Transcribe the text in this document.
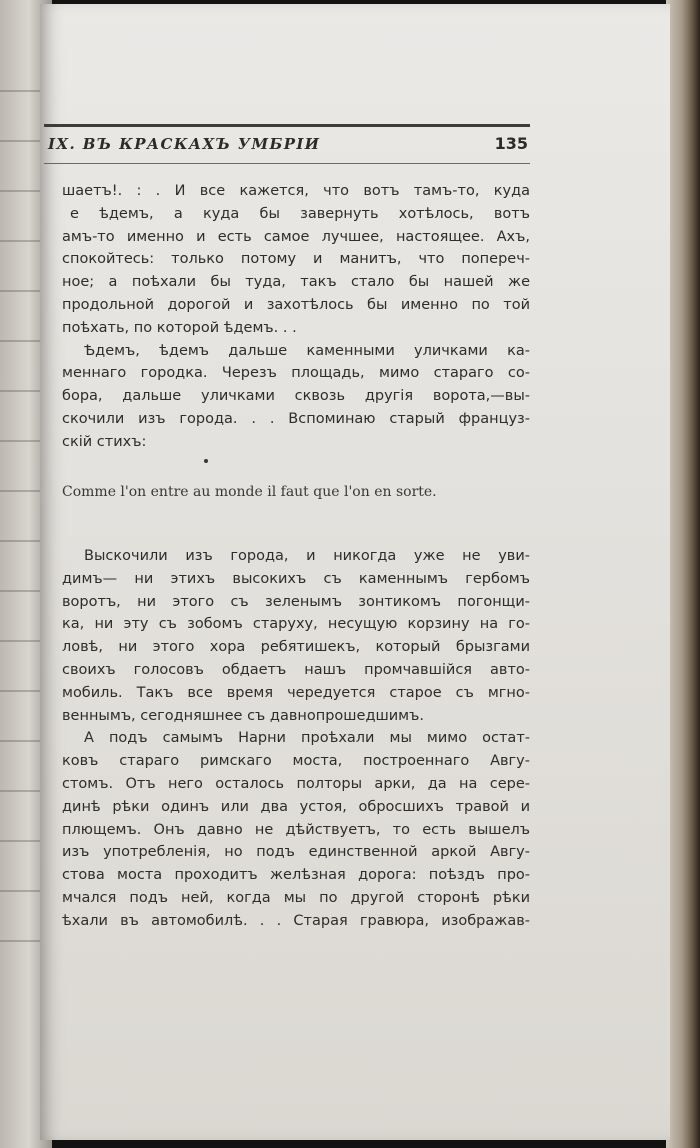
IX. ВЪ КРАСКАХЪ УМБРІИ	135
шаетъ!. : . И все кажется, что вотъ тамъ-то, куда
е ѣдемъ, а куда бы завернуть хотѣлось, вотъ
амъ-то именно и есть самое лучшее, настоящее. Ахъ,
спокойтесь: только потому и манитъ, что попереч-
ное; а поѣхали бы туда, такъ стало бы нашей же
продольной дорогой и захотѣлось бы именно по той
поѣхать, по которой ѣдемъ. . .
Ѣдемъ, ѣдемъ дальше каменными уличками ка-
меннаго городка. Черезъ площадь, мимо стараго со-
бора, дальше уличками сквозь другія ворота,—вы-
скочили изъ города. . . Вспоминаю старый француз-
скій стихъ:
Comme l'on entre au monde il faut que l'on en sorte.
Выскочили изъ города, и никогда уже не уви-
димъ— ни этихъ высокихъ съ каменнымъ гербомъ
воротъ, ни этого съ зеленымъ зонтикомъ погонщи-
ка, ни эту съ зобомъ старуху, несущую корзину на го-
ловѣ, ни этого хора ребятишекъ, который брызгами
своихъ голосовъ обдаетъ нашъ промчавшійся авто-
мобиль. Такъ все время чередуется старое съ мгно-
веннымъ, сегодняшнее съ давнопрошедшимъ.
А подъ самымъ Нарни проѣхали мы мимо остат-
ковъ стараго римскаго моста, построеннаго Авгу-
стомъ. Отъ него осталось полторы арки, да на сере-
динѣ рѣки одинъ или два устоя, обросшихъ травой и
плющемъ. Онъ давно не дѣйствуетъ, то есть вышелъ
изъ употребленія, но подъ единственной аркой Авгу-
стова моста проходитъ желѣзная дорога: поѣздъ про-
мчался подъ ней, когда мы по другой сторонѣ рѣки
ѣхали въ автомобилѣ. . . Старая гравюра, изображав-
